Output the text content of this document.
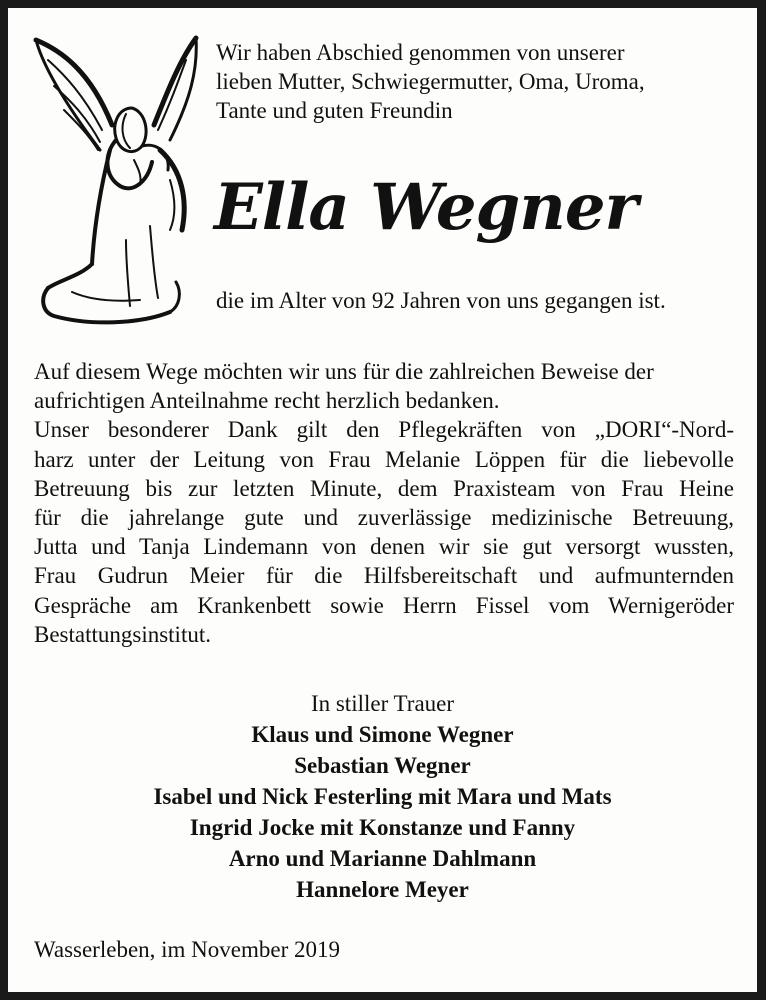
Wir haben Abschied genommen von unserer
lieben Mutter, Schwiegermutter, Oma, Uroma,
Tante und guten Freundin
Ella Wegner
die im Alter von 92 Jahren von uns gegangen ist.
Auf diesem Wege möchten wir uns für die zahlreichen Beweise der
aufrichtigen Anteilnahme recht herzlich bedanken.
Unser besonderer Dank gilt den Pflegekräften von „DORI“-Nord-
harz unter der Leitung von Frau Melanie Löppen für die liebevolle
Betreuung bis zur letzten Minute, dem Praxisteam von Frau Heine
für die jahrelange gute und zuverlässige medizinische Betreuung,
Jutta und Tanja Lindemann von denen wir sie gut versorgt wussten,
Frau Gudrun Meier für die Hilfsbereitschaft und aufmunternden
Gespräche am Krankenbett sowie Herrn Fissel vom Wernigeröder
Bestattungsinstitut.
In stiller Trauer
Klaus und Simone Wegner
Sebastian Wegner
Isabel und Nick Festerling mit Mara und Mats
Ingrid Jocke mit Konstanze und Fanny
Arno und Marianne Dahlmann
Hannelore Meyer
Wasserleben, im November 2019
